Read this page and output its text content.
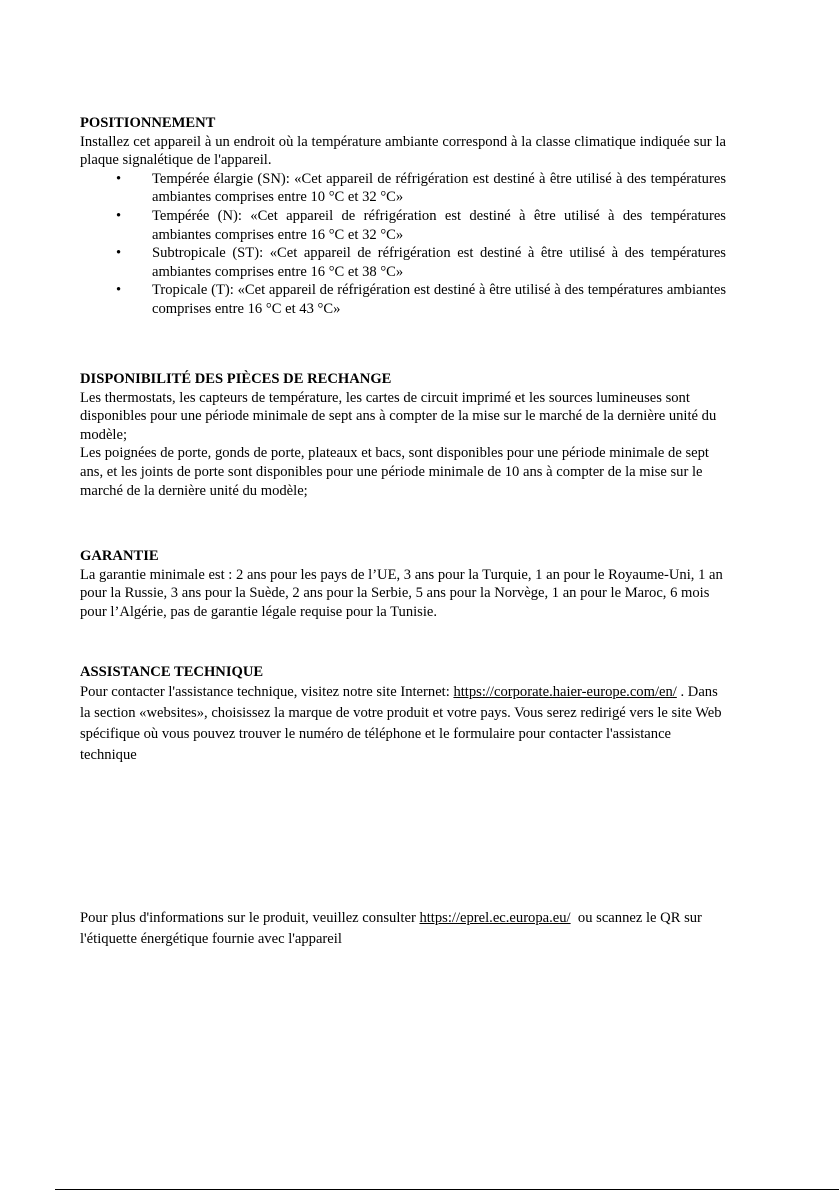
POSITIONNEMENT

Installez cet appareil à un endroit où la température ambiante correspond à la classe climatique indiquée sur la plaque signalétique de l'appareil.

• Tempérée élargie (SN): «Cet appareil de réfrigération est destiné à être utilisé à des températures ambiantes comprises entre 10 °C et 32 °C»
• Tempérée (N): «Cet appareil de réfrigération est destiné à être utilisé à des températures ambiantes comprises entre 16 °C et 32 °C»
• Subtropicale (ST): «Cet appareil de réfrigération est destiné à être utilisé à des températures ambiantes comprises entre 16 °C et 38 °C»
• Tropicale (T): «Cet appareil de réfrigération est destiné à être utilisé à des températures ambiantes comprises entre 16 °C et 43 °C»

DISPONIBILITÉ DES PIÈCES DE RECHANGE

Les thermostats, les capteurs de température, les cartes de circuit imprimé et les sources lumineuses sont disponibles pour une période minimale de sept ans à compter de la mise sur le marché de la dernière unité du modèle;

Les poignées de porte, gonds de porte, plateaux et bacs, sont disponibles pour une période minimale de sept ans, et les joints de porte sont disponibles pour une période minimale de 10 ans à compter de la mise sur le marché de la dernière unité du modèle;

GARANTIE

La garantie minimale est : 2 ans pour les pays de l’UE, 3 ans pour la Turquie, 1 an pour le Royaume-Uni, 1 an pour la Russie, 3 ans pour la Suède, 2 ans pour la Serbie, 5 ans pour la Norvège, 1 an pour le Maroc, 6 mois pour l’Algérie, pas de garantie légale requise pour la Tunisie.

ASSISTANCE TECHNIQUE

Pour contacter l'assistance technique, visitez notre site Internet: https://corporate.haier-europe.com/en/ . Dans la section «websites», choisissez la marque de votre produit et votre pays. Vous serez redirigé vers le site Web spécifique où vous pouvez trouver le numéro de téléphone et le formulaire pour contacter l'assistance technique

Pour plus d'informations sur le produit, veuillez consulter https://eprel.ec.europa.eu/  ou scannez le QR sur l'étiquette énergétique fournie avec l'appareil
